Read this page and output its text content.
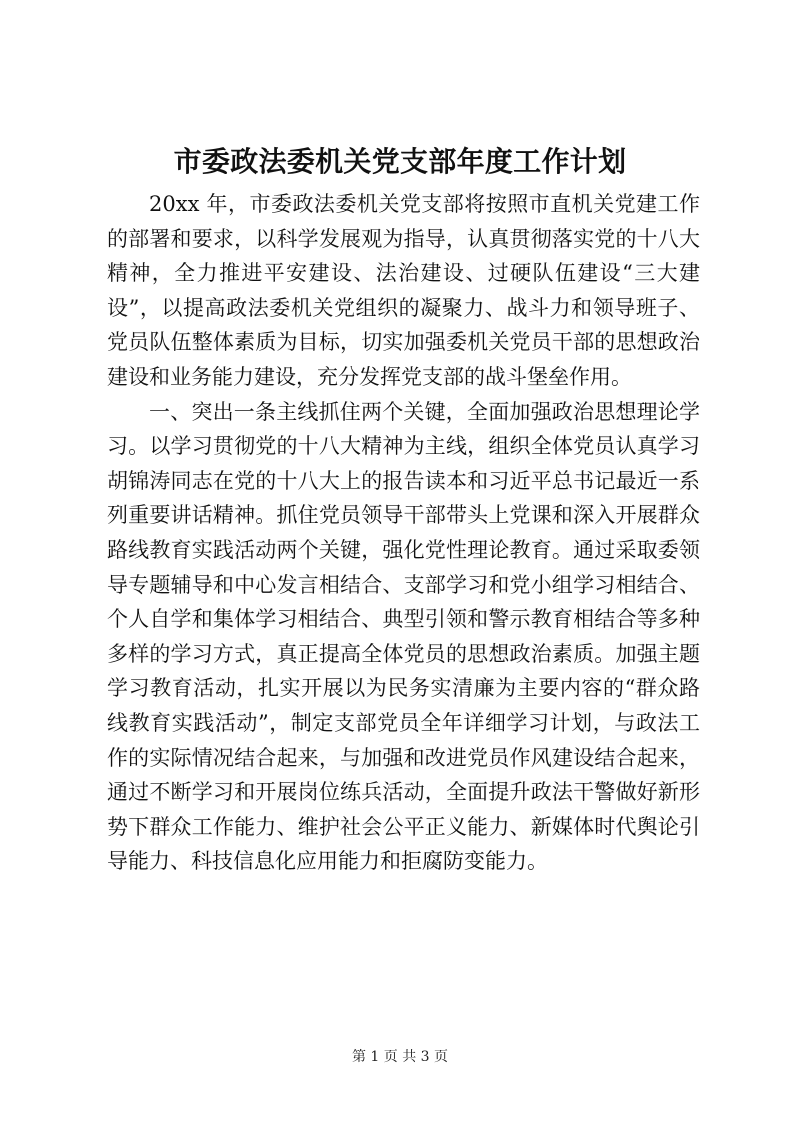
市委政法委机关党支部年度工作计划

20xx 年，市委政法委机关党支部将按照市直机关党建工作的部署和要求，以科学发展观为指导，认真贯彻落实党的十八大精神，全力推进平安建设、法治建设、过硬队伍建设“三大建设”，以提高政法委机关党组织的凝聚力、战斗力和领导班子、党员队伍整体素质为目标，切实加强委机关党员干部的思想政治建设和业务能力建设，充分发挥党支部的战斗堡垒作用。

一、突出一条主线抓住两个关键，全面加强政治思想理论学习。以学习贯彻党的十八大精神为主线，组织全体党员认真学习胡锦涛同志在党的十八大上的报告读本和习近平总书记最近一系列重要讲话精神。抓住党员领导干部带头上党课和深入开展群众路线教育实践活动两个关键，强化党性理论教育。通过采取委领导专题辅导和中心发言相结合、支部学习和党小组学习相结合、个人自学和集体学习相结合、典型引领和警示教育相结合等多种多样的学习方式，真正提高全体党员的思想政治素质。加强主题学习教育活动，扎实开展以为民务实清廉为主要内容的“群众路线教育实践活动”，制定支部党员全年详细学习计划，与政法工作的实际情况结合起来，与加强和改进党员作风建设结合起来，通过不断学习和开展岗位练兵活动，全面提升政法干警做好新形势下群众工作能力、维护社会公平正义能力、新媒体时代舆论引导能力、科技信息化应用能力和拒腐防变能力。

第 1 页 共 3 页
